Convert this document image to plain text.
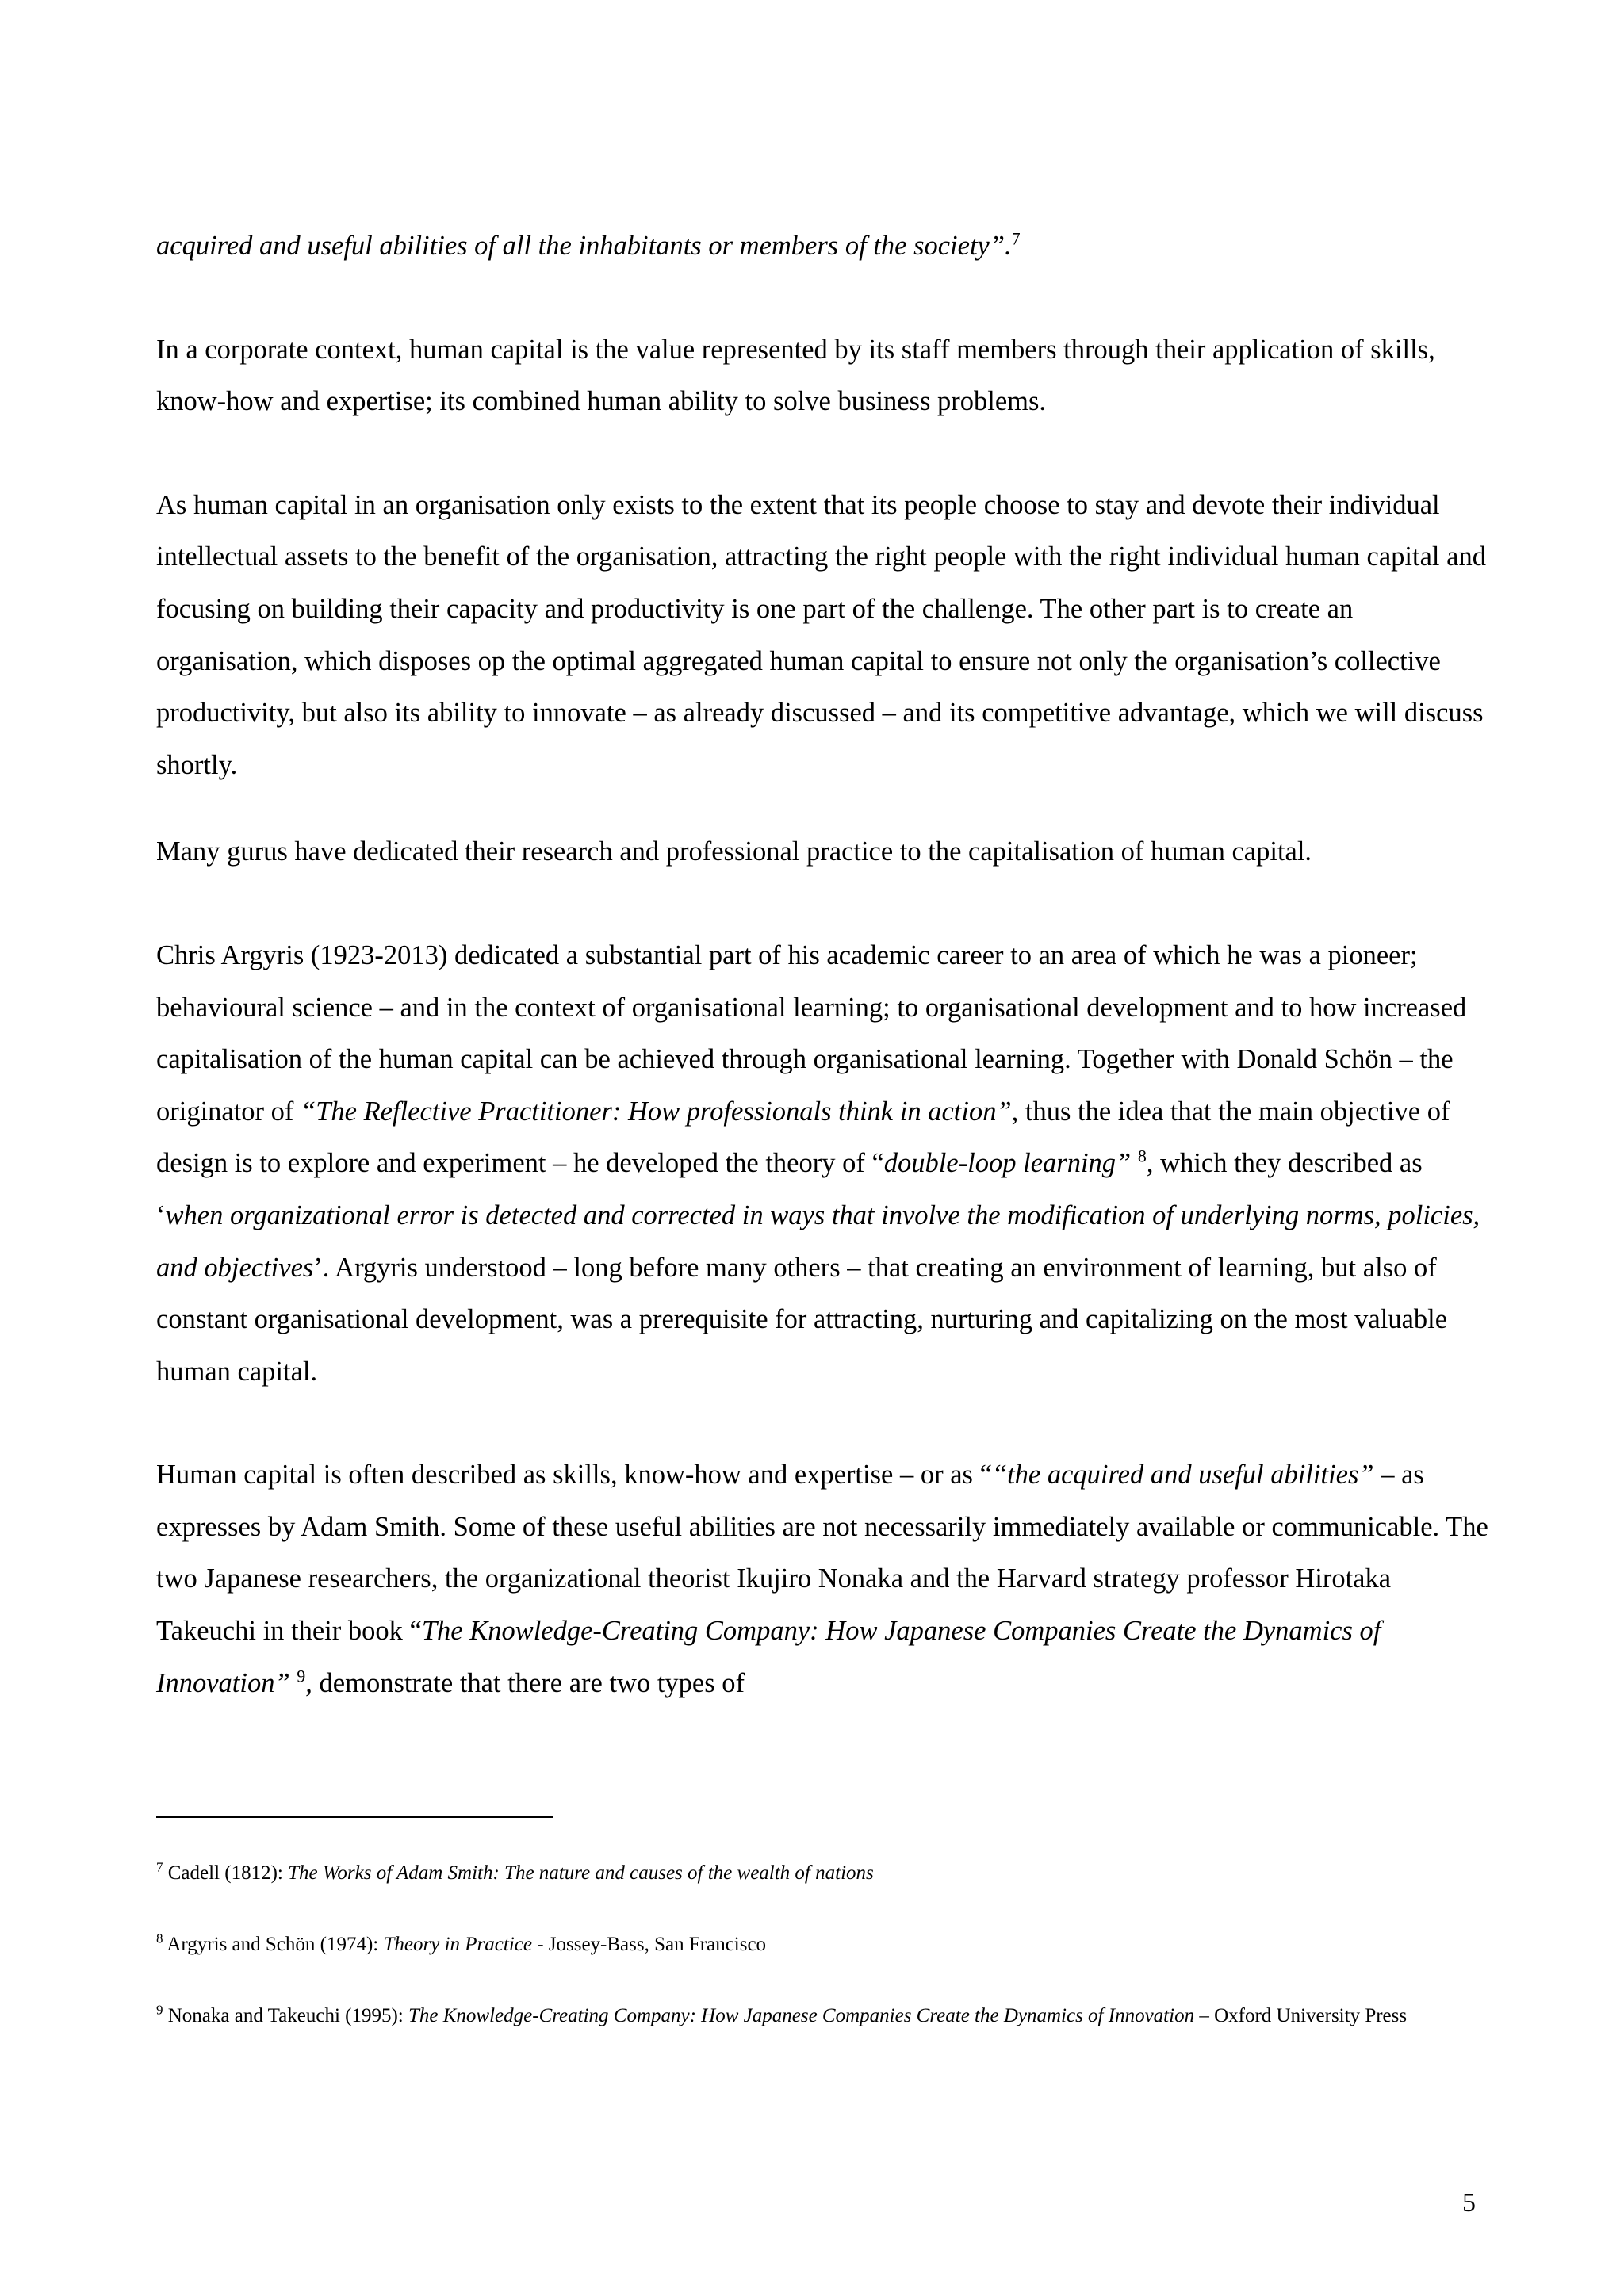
acquired and useful abilities of all the inhabitants or members of the society”.$^7$

In a corporate context, human capital is the value represented by its staff members through their application of skills, know-how and expertise; its combined human ability to solve business problems.

As human capital in an organisation only exists to the extent that its people choose to stay and devote their individual intellectual assets to the benefit of the organisation, attracting the right people with the right individual human capital and focusing on building their capacity and productivity is one part of the challenge. The other part is to create an organisation, which disposes op the optimal aggregated human capital to ensure not only the organisation’s collective productivity, but also its ability to innovate – as already discussed – and its competitive advantage, which we will discuss shortly.

Many gurus have dedicated their research and professional practice to the capitalisation of human capital.

Chris Argyris (1923-2013) dedicated a substantial part of his academic career to an area of which he was a pioneer; behavioural science – and in the context of organisational learning; to organisational development and to how increased capitalisation of the human capital can be achieved through organisational learning. Together with Donald Schön – the originator of “The Reflective Practitioner: How professionals think in action”, thus the idea that the main objective of design is to explore and experiment – he developed the theory of “double-loop learning” $^8$, which they described as ‘when organizational error is detected and corrected in ways that involve the modification of underlying norms, policies, and objectives’. Argyris understood – long before many others – that creating an environment of learning, but also of constant organisational development, was a prerequisite for attracting, nurturing and capitalizing on the most valuable human capital.

Human capital is often described as skills, know-how and expertise – or as ““the acquired and useful abilities” – as expresses by Adam Smith. Some of these useful abilities are not necessarily immediately available or communicable. The two Japanese researchers, the organizational theorist Ikujiro Nonaka and the Harvard strategy professor Hirotaka Takeuchi in their book “The Knowledge-Creating Company: How Japanese Companies Create the Dynamics of Innovation” $^9$, demonstrate that there are two types of

$^7$ Cadell (1812): The Works of Adam Smith: The nature and causes of the wealth of nations

$^8$ Argyris and Schön (1974): Theory in Practice - Jossey-Bass, San Francisco

$^9$ Nonaka and Takeuchi (1995): The Knowledge-Creating Company: How Japanese Companies Create the Dynamics of Innovation – Oxford University Press

5
